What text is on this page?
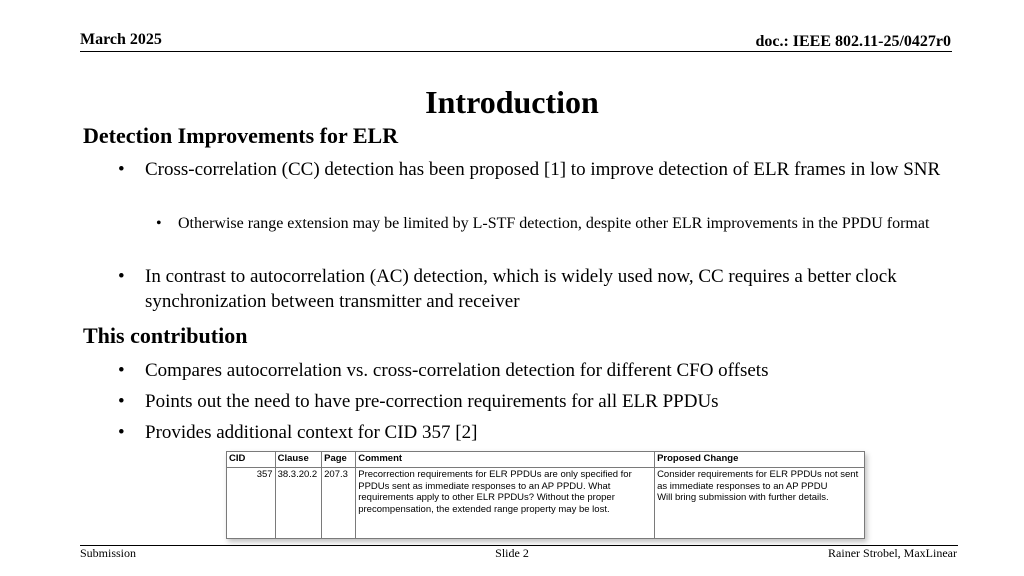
March 2025	doc.: IEEE 802.11-25/0427r0
Introduction
Detection Improvements for ELR
• Cross-correlation (CC) detection has been proposed [1] to improve detection of ELR frames in low SNR
• Otherwise range extension may be limited by L-STF detection, despite other ELR improvements in the PPDU format
• In contrast to autocorrelation (AC) detection, which is widely used now, CC requires a better clock synchronization between transmitter and receiver
This contribution
• Compares autocorrelation vs. cross-correlation detection for different CFO offsets
• Points out the need to have pre-correction requirements for all ELR PPDUs
• Provides additional context for CID 357 [2]
CID	Clause	Page	Comment	Proposed Change
357	38.3.20.2	207.3	Precorrection requirements for ELR PPDUs are only specified for PPDUs sent as immediate responses to an AP PPDU. What requirements apply to other ELR PPDUs? Without the proper precompensation, the extended range property may be lost.	Consider requirements for ELR PPDUs not sent as immediate responses to an AP PPDU
Will bring submission with further details.
Submission	Slide 2	Rainer Strobel, MaxLinear
